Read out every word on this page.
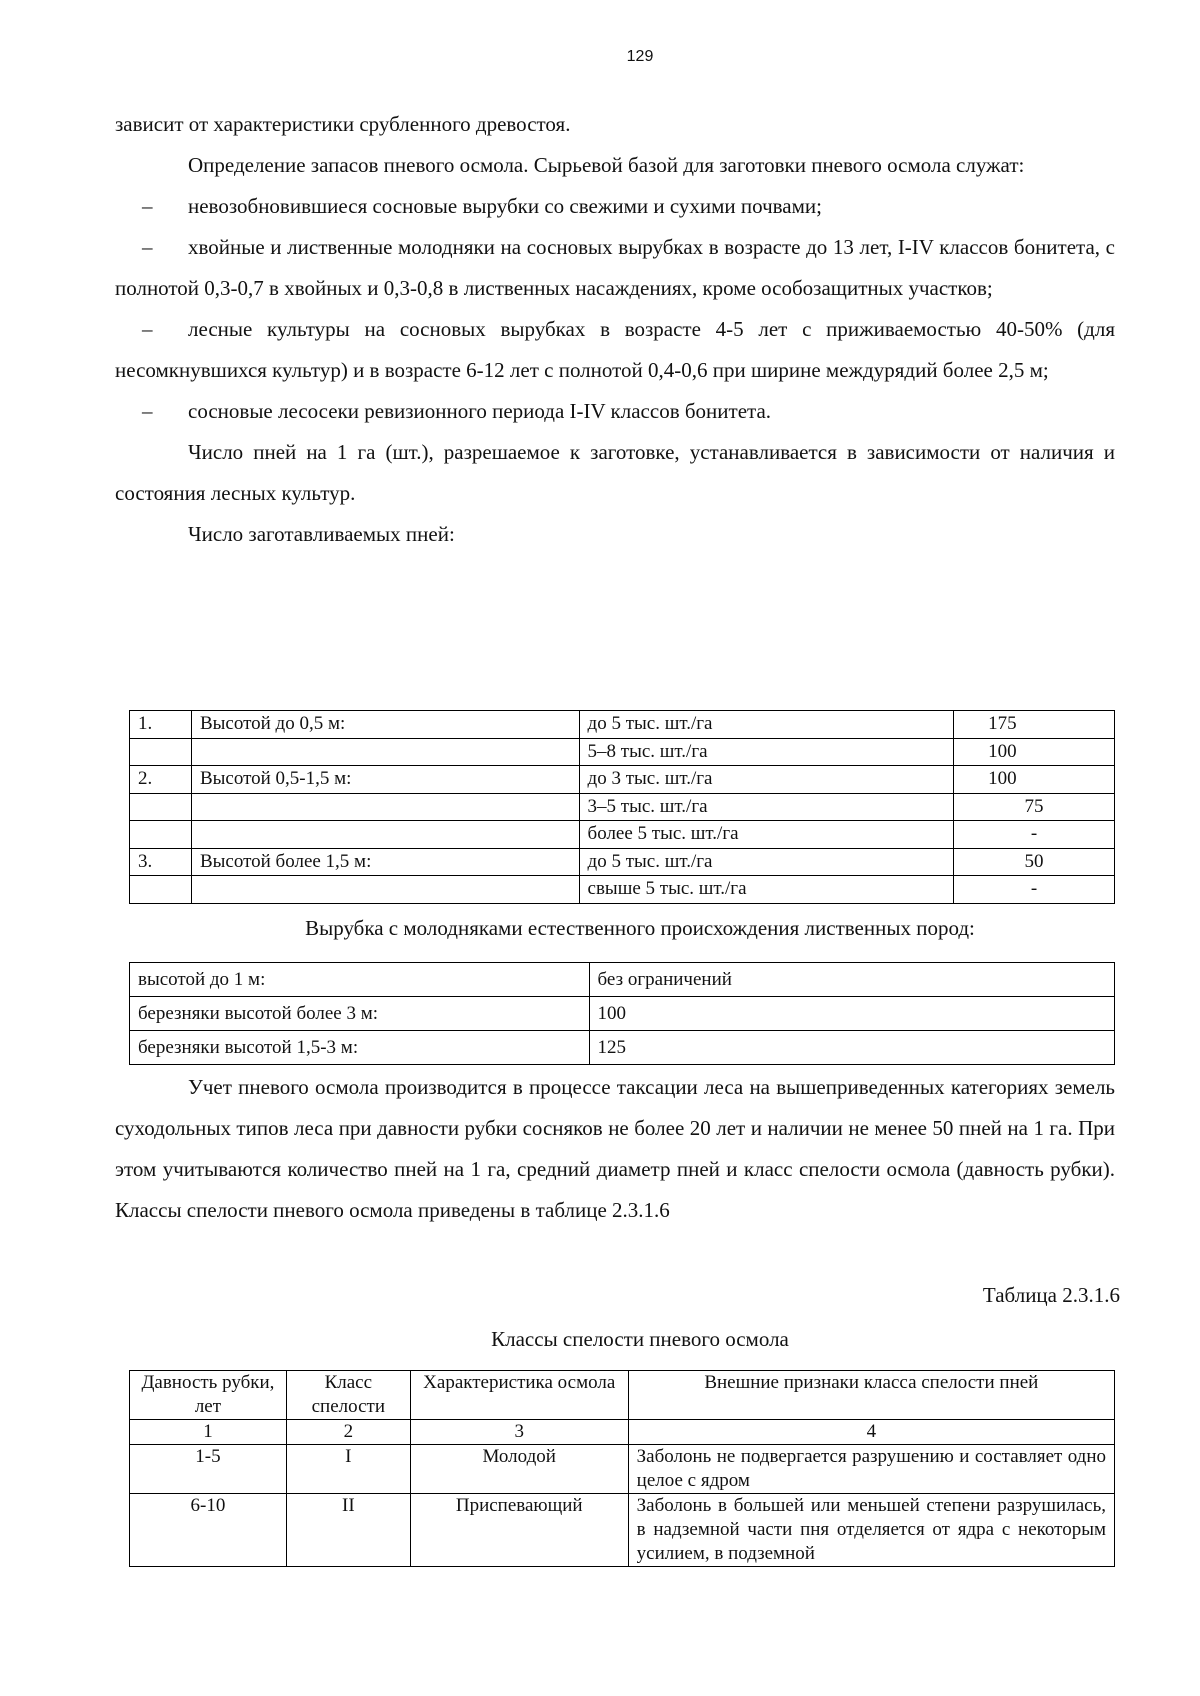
129

зависит от характеристики срубленного древостоя.

Определение запасов пневого осмола. Сырьевой базой для заготовки пневого осмола служат:

– невозобновившиеся сосновые вырубки со свежими и сухими почвами;
– хвойные и лиственные молодняки на сосновых вырубках в возрасте до 13 лет, I-IV классов бонитета, с полнотой 0,3-0,7 в хвойных и 0,3-0,8 в лиственных насаждениях, кроме особозащитных участков;
– лесные культуры на сосновых вырубках в возрасте 4-5 лет с приживаемостью 40-50% (для несомкнувшихся культур) и в возрасте 6-12 лет с полнотой 0,4-0,6 при ширине междурядий более 2,5 м;
– сосновые лесосеки ревизионного периода I-IV классов бонитета.

Число пней на 1 га (шт.), разрешаемое к заготовке, устанавливается в зависимости от наличия и состояния лесных культур.

Число заготавливаемых пней:

1.	Высотой до 0,5 м:	до 5 тыс. шт./га	175
		5–8 тыс. шт./га	100
2.	Высотой 0,5-1,5 м:	до 3 тыс. шт./га	100
		3–5 тыс. шт./га	75
		более 5 тыс. шт./га	-
3.	Высотой более 1,5 м:	до 5 тыс. шт./га	50
		свыше 5 тыс. шт./га	-
Вырубка с молодняками естественного происхождения лиственных пород:
высотой до 1 м:	без ограничений
березняки высотой более 3 м:	100
березняки высотой 1,5-3 м:	125

Учет пневого осмола производится в процессе таксации леса на вышеприведенных категориях земель суходольных типов леса при давности рубки сосняков не более 20 лет и наличии не менее 50 пней на 1 га. При этом учитываются количество пней на 1 га, средний диаметр пней и класс спелости осмола (давность рубки). Классы спелости пневого осмола приведены в таблице 2.3.1.6

Таблица 2.3.1.6
Классы спелости пневого осмола
Давность рубки, лет	Класс спелости	Характеристика осмола	Внешние признаки класса спелости пней
1	2	3	4
1-5	I	Молодой	Заболонь не подвергается разрушению и составляет одно целое с ядром
6-10	II	Приспевающий	Заболонь в большей или меньшей степени разрушилась, в надземной части пня отделяется от ядра с некоторым усилием, в подземной
